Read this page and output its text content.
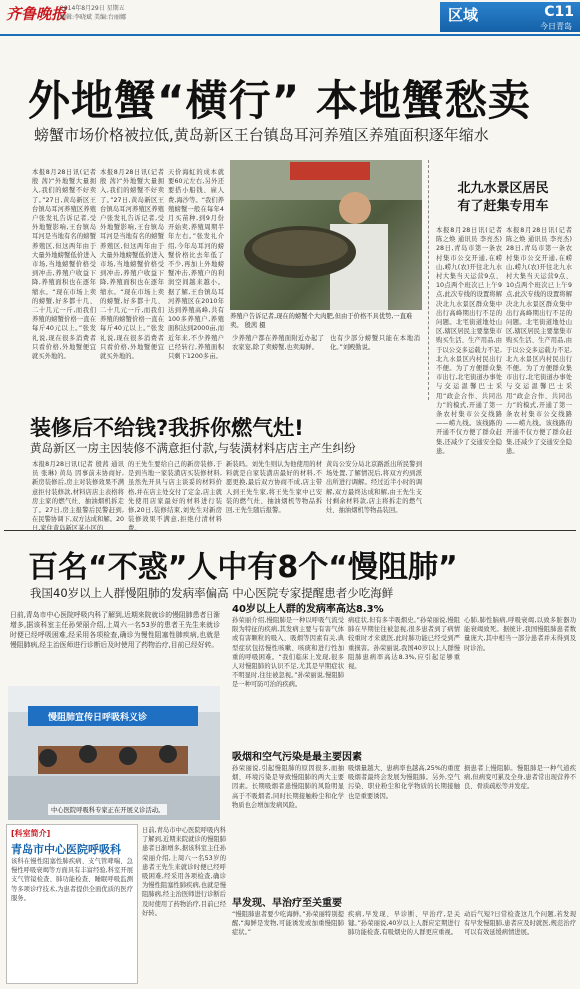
齐鲁晚报
2014年8月29日 星期五
编辑:李晓斌 美编:台丽娜	区域	C11
今日青岛
外地蟹“横行” 本地蟹愁卖
螃蟹市场价格被拉低,黄岛新区王台镇岛耳河养殖区养殖面积逐年缩水
本报8月28日讯(记者 殷 茜)“外地蟹大量拥入,我们的螃蟹不好卖了。”27日,黄岛新区王台镇岛耳河养殖区养殖户张发礼告诉记者,受外地蟹影响,王台镇岛耳河是当地有名的螃蟹养殖区,但这两年由于大量外地螃蟹低价进入市场,当地螃蟹价格受到冲击,养殖户收益下降,养殖面积也在逐年缩水。“现在市场上卖的螃蟹,好多都十几、二十几元一斤,而我们养殖的螃蟹价格一直在每斤40元以上。”张发礼说,现在很多消费者只看价格,外地蟹便宜就买外地的。
本报8月28日讯(记者 殷 茜)“外地蟹大量拥入,我们的螃蟹不好卖了。”27日,黄岛新区王台镇岛耳河养殖区养殖户张发礼告诉记者,受外地蟹影响,王台镇岛耳河是当地有名的螃蟹养殖区,但这两年由于大量外地螃蟹低价进入市场,当地螃蟹价格受到冲击,养殖户收益下降,养殖面积也在逐年缩水。“现在市场上卖的螃蟹,好多都十几、二十几元一斤,而我们养殖的螃蟹价格一直在每斤40元以上。”张发礼说,现在很多消费者只看价格,外地蟹便宜就买外地的。
天价海虹的成本就要60元左右,另外还要搭小船钱、雇人费,海沙等。“我们养殖螃蟹一般在每年4月买苗种,到9月份开始卖,养殖周期半年左右。”张发礼介绍,今年岛耳河的螃蟹价格比去年低了不少,再加上外地螃蟹冲击,养殖户的利润空间越来越小。据了解,王台镇岛耳河养殖区在2010年达到养殖高峰,共有100多养殖户,养殖面积达到2000亩,而近年来,不少养殖户已经转行,养殖面积只剩下1200多亩。
养殖户告诉记者,现在的螃蟹个大肉肥,但由于价格不具优势,一直难卖。 殷茜 摄
少养殖户都在养殖面附近办起了农家宴,除了卖螃蟹,也卖海鲜。
也有少部分螃蟹只能在本地消化。”刘殿勤说。
北九水景区居民
有了赶集专用车
本报8月28日讯(记者 陈之焕 通讯员 李亮杰) 28日,青岛市第一条农村集市公交开通,在崂山,崂九(农)开往北九水村大集当天运营9点、10点两个班次已上午9点,此次专线的设置将解决北九水景区群众集中出行高峰期出行不足的问题。北宅街道地处山区,辖区居民主要靠集市购买生活、生产用品,由于以公交多运载力不足,北九水景区内村民出行不便。为了方便群众集市出行,北宅街道办事处与交运温馨巴士采用“政企合作、共同出力”的模式,开通了第一条农村集市公交线路——崂九线。该线路的开通不仅方便了群众赶集,还减少了交通安全隐患。
本报8月28日讯(记者 陈之焕 通讯员 李亮杰) 28日,青岛市第一条农村集市公交开通,在崂山,崂九(农)开往北九水村大集当天运营9点、10点两个班次已上午9点,此次专线的设置将解决北九水景区群众集中出行高峰期出行不足的问题。北宅街道地处山区,辖区居民主要靠集市购买生活、生产用品,由于以公交多运载力不足,北九水景区内村民出行不便。为了方便群众集市出行,北宅街道办事处与交运温馨巴士采用“政企合作、共同出力”的模式,开通了第一条农村集市公交线路——崂九线。该线路的开通不仅方便了群众赶集,还减少了交通安全隐患。
装修后不给钱?我拆你燃气灶!
黄岛新区一房主因装修不满意拒付款,与装潢材料店店主产生纠纷
本报8月28日讯(记者 殷茜 通讯员 张琳) 黄岛 因事前未协商好,新房装修后,房主对装修效果不满意拒付装修款,材料店店主表格将房主家的燃气灶、抽油烟机拆走了。27日,房主报警后民警赶到,在民警协调下,双方达成和解。20日,家住黄岛新区某小区的
的王先生要给自己的新房装修,于是到当地一家装潢店买装修材料,虽然先开具与店主谈妥的材料价格,并在店主处交付了定金,店主就先使用店家最好的材料进行装修,20日,装修结束,刘先生对新房装修效果不满意,拒绝付清材料费。
新装吗。刘先生则认为他使用的材料就是自家装潢店最好的材料,不愿更换,最后双方协商不成,店主带人到王先生家,将王先生家中已安装的燃气灶、抽油烟机等物品拆回,王先生随后报警。
黄岛公安分局北京路派出所民警到场处置,了解情况后,将双方约到派出所进行调解。经过近半小时的调解,双方最终达成和解,由王先生支付剩余材料款,店主将拆走的燃气灶、抽油烟机等物品装回。
百名“不惑”人中有8个“慢阻肺”
我国40岁以上人群慢阻肺的发病率偏高 中心医院专家提醒患者少吃海鲜
日前,青岛市中心医院呼吸内科了解到,近期来院就诊的慢阻肺患者日渐增多,据该科室主任孙荣丽介绍,上周六一名53岁的患者王先生来就诊时便已经呼吸困难,经采用各项检查,确诊为慢性阻塞性肺疾病,也就是慢阻肺病,经主治医师进行诊断后及时使用了药物治疗,目前已经好转。
慢阻肺宣传日呼吸科义诊
中心医院呼吸科专家正在开展义诊活动。
40岁以上人群的发病率高达8.3%
孙荣丽介绍,慢阻肺是一种以呼吸气流受限为特征的疾病,其发病主要与有害气体或有害颗粒的吸入、吸烟等因素有关,典型症状包括慢性咳嗽、咳痰和进行性加重的呼吸困难。“我们临床上发现,很多人对慢阻肺的认识不足,尤其是早期症状不明显时,往往被忽视。”孙荣丽说,慢阻肺是一种可防可治的疾病。
病症状,但有多半吸烟史。”孙荣丽说,慢阻肺在早期往往被忽视,很多患者到了病情较重时才来就医,此时肺功能已经受到严重损害。孙荣丽说,我国40岁以上人群慢阻肺患病率高达8.3%,应引起足够重视。
心肺,肺性脑病,呼吸衰竭,以致多脏器功能衰竭致死。据统计,我国慢阻肺患者数量庞大,其中相当一部分患者并未得到及时诊治。
吸烟和空气污染是最主要因素
孙荣丽说,引起慢阻肺的原因很多,而抽烟、环境污染是导致慢阻肺的两大主要因素。长期吸烟者患慢阻肺的风险明显高于不吸烟者,同时长期接触粉尘和化学物质也会增加发病风险。
吸烟量越大、患病率也越高,25%的重度吸烟者最终会发展为慢阻肺。另外,空气污染、职业粉尘和化学物质的长期接触也是重要诱因。
损患者上慢阻肺。慢阻肺是一种气道疾病,但病变可累及全身,患者常出现营养不良、骨质疏松等并发症。
早发现、早治疗至关重要
“慢阻肺患者要少吃海鲜。”孙荣丽特别提醒,“海鲜是发物,可能诱发或加重慢阻肺症状。”
疾病,早发现、早诊断、早治疗,是关键。”孙荣丽说,40岁以上人群应定期进行肺功能检查,有吸烟史的人群更应重视。
动后气短?日常检查这几个问题,若发现有早发慢阻肺,患者应及时就医,规范治疗可以有效延缓病情进展。
日前,青岛市中心医院呼吸内科了解到,近期来院就诊的慢阻肺患者日渐增多,据该科室主任孙荣丽介绍,上周六一名53岁的患者王先生来就诊时便已经呼吸困难,经采用各项检查,确诊为慢性阻塞性肺疾病,也就是慢阻肺病,经主治医师进行诊断后及时使用了药物治疗,目前已经好转。
[科室简介]
青岛市中心医院呼吸科
该科在慢性阻塞性肺疾病、支气管哮喘、急慢性呼吸衰竭等方面具有丰富经验,科室开展支气管镜检查、肺功能检查、睡眠呼吸监测等多项诊疗技术,为患者提供全面优质的医疗服务。
